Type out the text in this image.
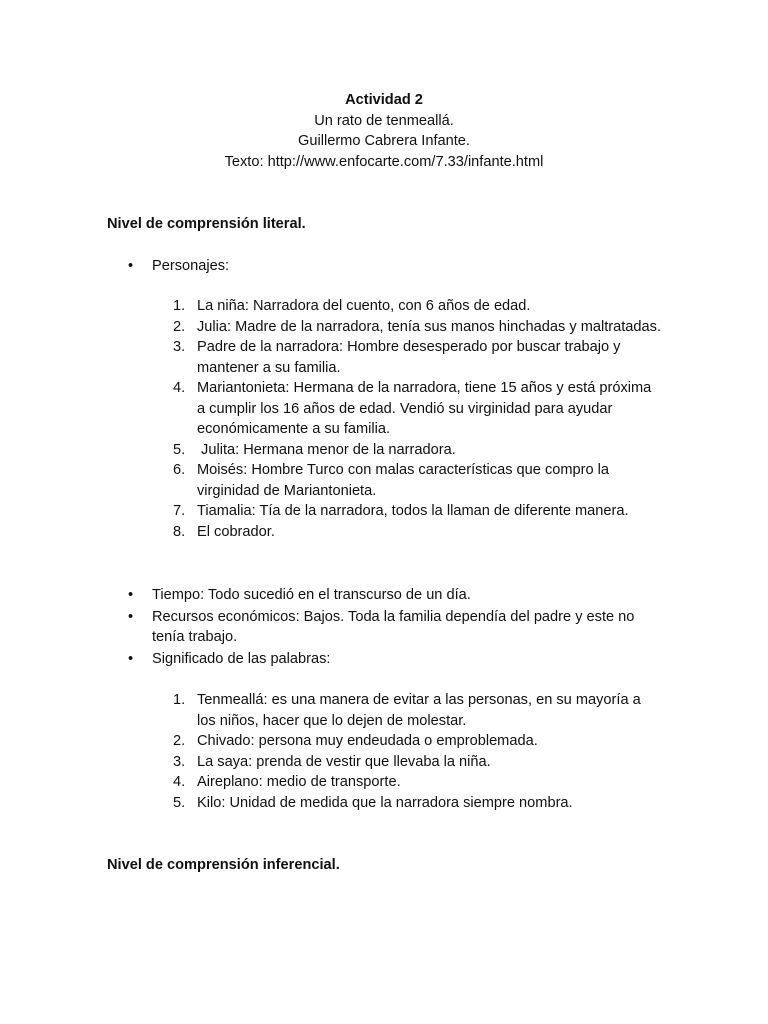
Actividad 2
Un rato de tenmeallá.
Guillermo Cabrera Infante.
Texto: http://www.enfocarte.com/7.33/infante.html
Nivel de comprensión literal.
• Personajes:
1. La niña: Narradora del cuento, con 6 años de edad.
2. Julia: Madre de la narradora, tenía sus manos hinchadas y maltratadas.
3. Padre de la narradora: Hombre desesperado por buscar trabajo y mantener a su familia.
4. Mariantonieta: Hermana de la narradora, tiene 15 años y está próxima a cumplir los 16 años de edad. Vendió su virginidad para ayudar económicamente a su familia.
5. Julita: Hermana menor de la narradora.
6. Moisés: Hombre Turco con malas características que compro la virginidad de Mariantonieta.
7. Tiamalia: Tía de la narradora, todos la llaman de diferente manera.
8. El cobrador.
• Tiempo: Todo sucedió en el transcurso de un día.
• Recursos económicos: Bajos. Toda la familia dependía del padre y este no tenía trabajo.
• Significado de las palabras:
1. Tenmeallá: es una manera de evitar a las personas, en su mayoría a los niños, hacer que lo dejen de molestar.
2. Chivado: persona muy endeudada o emproblemada.
3. La saya: prenda de vestir que llevaba la niña.
4. Aireplano: medio de transporte.
5. Kilo: Unidad de medida que la narradora siempre nombra.
Nivel de comprensión inferencial.
